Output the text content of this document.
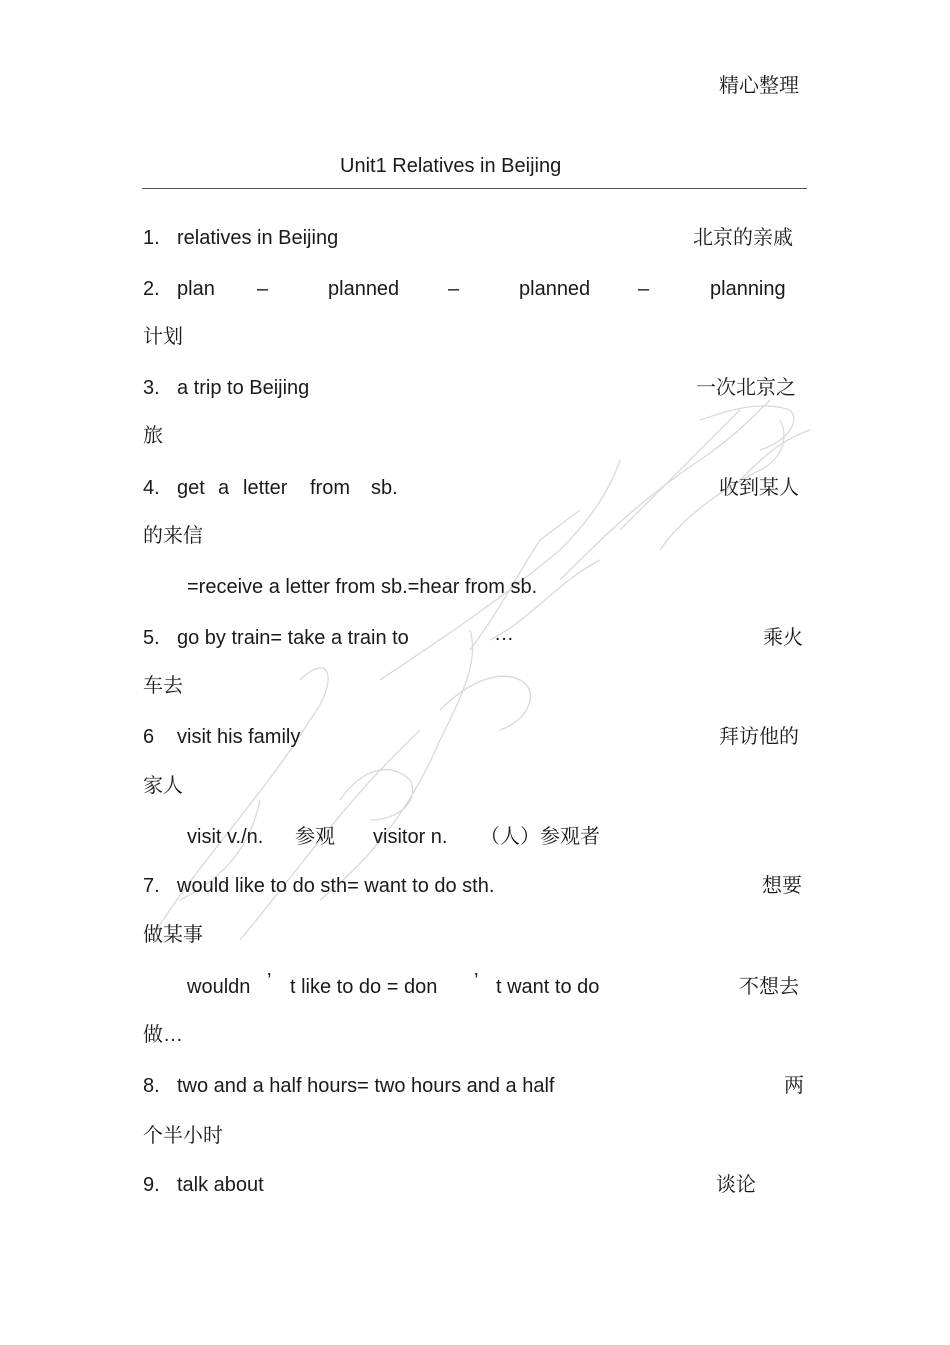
精心整理
Unit1 Relatives in Beijing
1. relatives in Beijing	北京的亲戚
2. plan –	planned –	planned –	planning
计划
3. a trip to Beijing	一次北京之
旅
4. get a letter from sb.	收到某人
的来信
=receive a letter from sb.=hear from sb.
5. go by train= take a train to	…	乘火
车去
6 visit his family	拜访他的
家人
visit v./n. 参观 visitor n. （人）参观者
7. would like to do sth= want to do sth.	想要
做某事
wouldn ’ t like to do = don ’ t want to do	不想去
做…
8. two and a half hours= two hours and a half	两
个半小时
9. talk about	谈论
